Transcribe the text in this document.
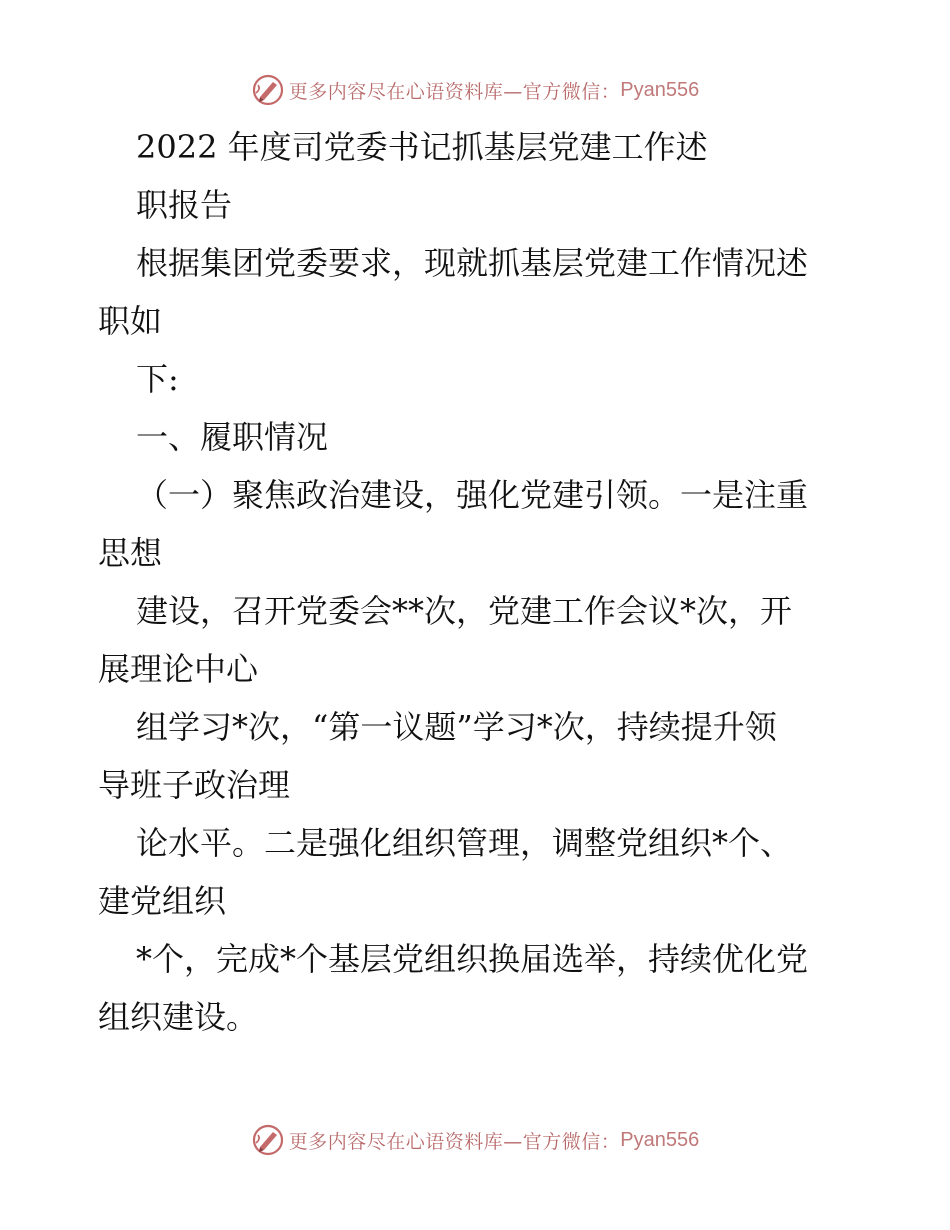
更多内容尽在心语资料库—官方微信： Pyan556
2022 年度司党委书记抓基层党建工作述
职报告
根据集团党委要求，现就抓基层党建工作情况述
职如
下:
一、履职情况
（一）聚焦政治建设，强化党建引领。一是注重
思想
建设，召开党委会**次，党建工作会议*次，开
展理论中心
组学习*次，“第一议题”学习*次，持续提升领
导班子政治理
论水平。二是强化组织管理，调整党组织*个、
建党组织
*个，完成*个基层党组织换届选举，持续优化党
组织建设。
更多内容尽在心语资料库—官方微信： Pyan556
